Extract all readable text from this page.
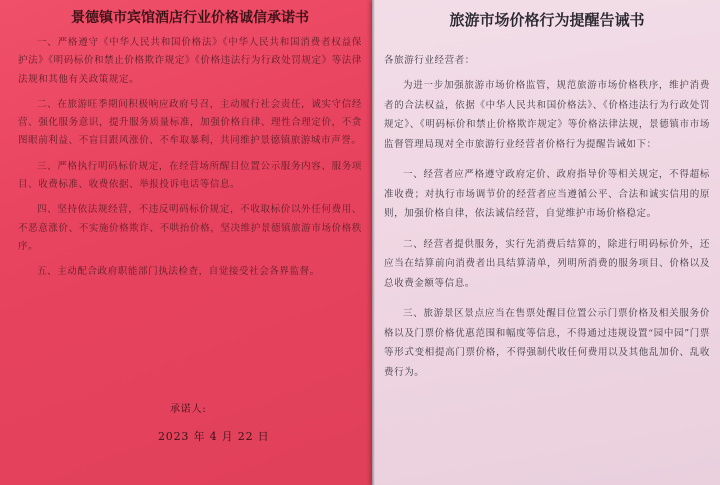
景德镇市宾馆酒店行业价格诚信承诺书

一、严格遵守《中华人民共和国价格法》《中华人民共和国消费者权益保护法》《明码标价和禁止价格欺诈规定》《价格违法行为行政处罚规定》等法律法规和其他有关政策规定。

二、在旅游旺季期间积极响应政府号召，主动履行社会责任，诚实守信经营、强化服务意识，提升服务质量标准，加强价格自律、理性合理定价，不贪图眼前利益、不盲目跟风涨价、不牟取暴利，共同维护景德镇旅游城市声誉。

三、严格执行明码标价规定，在经营场所醒目位置公示服务内容、服务项目、收费标准、收费依据、举报投诉电话等信息。

四、坚持依法规经营，不违反明码标价规定，不收取标价以外任何费用、不恶意涨价、不实施价格欺诈、不哄抬价格，坚决维护景德镇旅游市场价格秩序。

五、主动配合政府职能部门执法检查，自觉接受社会各界监督。

承诺人:
2023 年 4 月 22 日
旅游市场价格行为提醒告诫书
各旅游行业经营者：

为进一步加强旅游市场价格监管，规范旅游市场价格秩序，维护消费者的合法权益，依据《中华人民共和国价格法》、《价格违法行为行政处罚规定》、《明码标价和禁止价格欺诈规定》等价格法律法规，景德镇市市场监督管理局现对全市旅游行业经营者价格行为提醒告诫如下：

一、经营者应严格遵守政府定价、政府指导价等相关规定，不得超标准收费；对执行市场调节价的经营者应当遵循公平、合法和诚实信用的原则，加强价格自律，依法诚信经营，自觉维护市场价格稳定。

二、经营者提供服务，实行先消费后结算的，除进行明码标价外，还应当在结算前向消费者出具结算清单，列明所消费的服务项目、价格以及总收费金额等信息。

三、旅游景区景点应当在售票处醒目位置公示门票价格及相关服务价格以及门票价格优惠范围和幅度等信息，不得通过违规设置“园中园”门票等形式变相提高门票价格，不得强制代收任何费用以及其他乱加价、乱收费行为。
